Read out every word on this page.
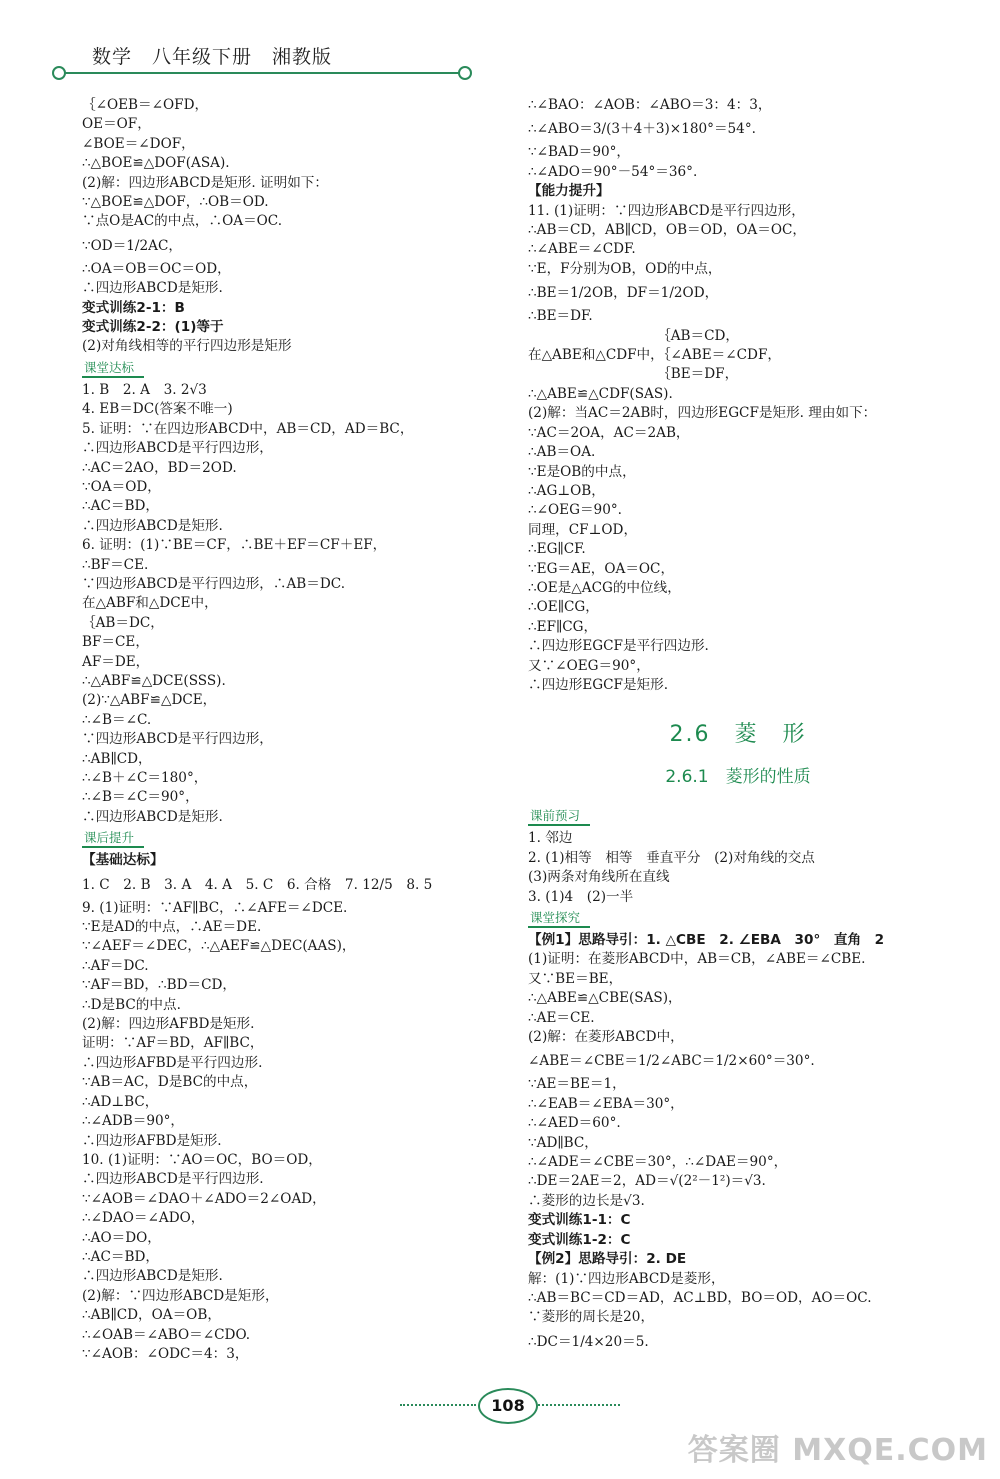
数学　八年级下册　湘教版
｛∠OEB＝∠OFD，
OE＝OF，
∠BOE＝∠DOF，
∴△BOE≌△DOF(ASA).
(2)解：四边形ABCD是矩形. 证明如下：
∵△BOE≌△DOF，∴OB＝OD.
∵点O是AC的中点，∴OA＝OC.
∵OD＝1/2AC，
∴OA＝OB＝OC＝OD，
∴四边形ABCD是矩形.
变式训练2-1：B
变式训练2-2：(1)等于
(2)对角线相等的平行四边形是矩形
课堂达标
1. B　2. A　3. 2√3
4. EB＝DC(答案不唯一)
5. 证明：∵在四边形ABCD中，AB＝CD，AD＝BC，
∴四边形ABCD是平行四边形，
∴AC＝2AO，BD＝2OD.
∵OA＝OD，
∴AC＝BD，
∴四边形ABCD是矩形.
6. 证明：(1)∵BE＝CF，∴BE＋EF＝CF＋EF，
∴BF＝CE.
∵四边形ABCD是平行四边形，∴AB＝DC.
在△ABF和△DCE中，
｛AB＝DC，
BF＝CE，
AF＝DE，
∴△ABF≌△DCE(SSS).
(2)∵△ABF≌△DCE，
∴∠B＝∠C.
∵四边形ABCD是平行四边形，
∴AB∥CD，
∴∠B＋∠C＝180°，
∴∠B＝∠C＝90°，
∴四边形ABCD是矩形.
课后提升
【基础达标】
1. C　2. B　3. A　4. A　5. C　6. 合格　7. 12/5　8. 5
9. (1)证明：∵AF∥BC，∴∠AFE＝∠DCE.
∵E是AD的中点，∴AE＝DE.
∵∠AEF＝∠DEC，∴△AEF≌△DEC(AAS)，
∴AF＝DC.
∵AF＝BD，∴BD＝CD，
∴D是BC的中点.
(2)解：四边形AFBD是矩形.
证明：∵AF＝BD，AF∥BC，
∴四边形AFBD是平行四边形.
∵AB＝AC，D是BC的中点，
∴AD⊥BC，
∴∠ADB＝90°，
∴四边形AFBD是矩形.
10. (1)证明：∵AO＝OC，BO＝OD，
∴四边形ABCD是平行四边形.
∵∠AOB＝∠DAO＋∠ADO＝2∠OAD，
∴∠DAO＝∠ADO，
∴AO＝DO，
∴AC＝BD，
∴四边形ABCD是矩形.
(2)解：∵四边形ABCD是矩形，
∴AB∥CD，OA＝OB，
∴∠OAB＝∠ABO＝∠CDO.
∵∠AOB：∠ODC＝4：3，
∴∠BAO：∠AOB：∠ABO＝3：4：3，
∴∠ABO＝3/(3＋4＋3)×180°＝54°.
∵∠BAD＝90°，
∴∠ADO＝90°－54°＝36°.
【能力提升】
11. (1)证明：∵四边形ABCD是平行四边形，
∴AB＝CD，AB∥CD，OB＝OD，OA＝OC，
∴∠ABE＝∠CDF.
∵E，F分别为OB，OD的中点，
∴BE＝1/2OB，DF＝1/2OD，
∴BE＝DF.
　　　　　　　　　　｛AB＝CD，
在△ABE和△CDF中，｛∠ABE＝∠CDF，
　　　　　　　　　　｛BE＝DF，
∴△ABE≌△CDF(SAS).
(2)解：当AC＝2AB时，四边形EGCF是矩形. 理由如下：
∵AC＝2OA，AC＝2AB，
∴AB＝OA.
∵E是OB的中点，
∴AG⊥OB，
∴∠OEG＝90°.
同理，CF⊥OD，
∴EG∥CF.
∵EG＝AE，OA＝OC，
∴OE是△ACG的中位线，
∴OE∥CG，
∴EF∥CG，
∴四边形EGCF是平行四边形.
又∵∠OEG＝90°，
∴四边形EGCF是矩形.
2.6　菱　形
2.6.1　菱形的性质
课前预习
1. 邻边
2. (1)相等　相等　垂直平分　(2)对角线的交点
(3)两条对角线所在直线
3. (1)4　(2)一半
课堂探究
【例1】思路导引：1. △CBE　2. ∠EBA　30°　直角　2
(1)证明：在菱形ABCD中，AB＝CB，∠ABE＝∠CBE.
又∵BE＝BE，
∴△ABE≌△CBE(SAS)，
∴AE＝CE.
(2)解：在菱形ABCD中，
∠ABE＝∠CBE＝1/2∠ABC＝1/2×60°＝30°.
∵AE＝BE＝1，
∴∠EAB＝∠EBA＝30°，
∴∠AED＝60°.
∵AD∥BC，
∴∠ADE＝∠CBE＝30°，∴∠DAE＝90°，
∴DE＝2AE＝2，AD＝√(2²－1²)＝√3.
∴菱形的边长是√3.
变式训练1-1：C
变式训练1-2：C
【例2】思路导引：2. DE
解：(1)∵四边形ABCD是菱形，
∴AB＝BC＝CD＝AD，AC⊥BD，BO＝OD，AO＝OC.
∵菱形的周长是20，
∴DC＝1/4×20＝5.
108
答案圈 MXQE.COM
